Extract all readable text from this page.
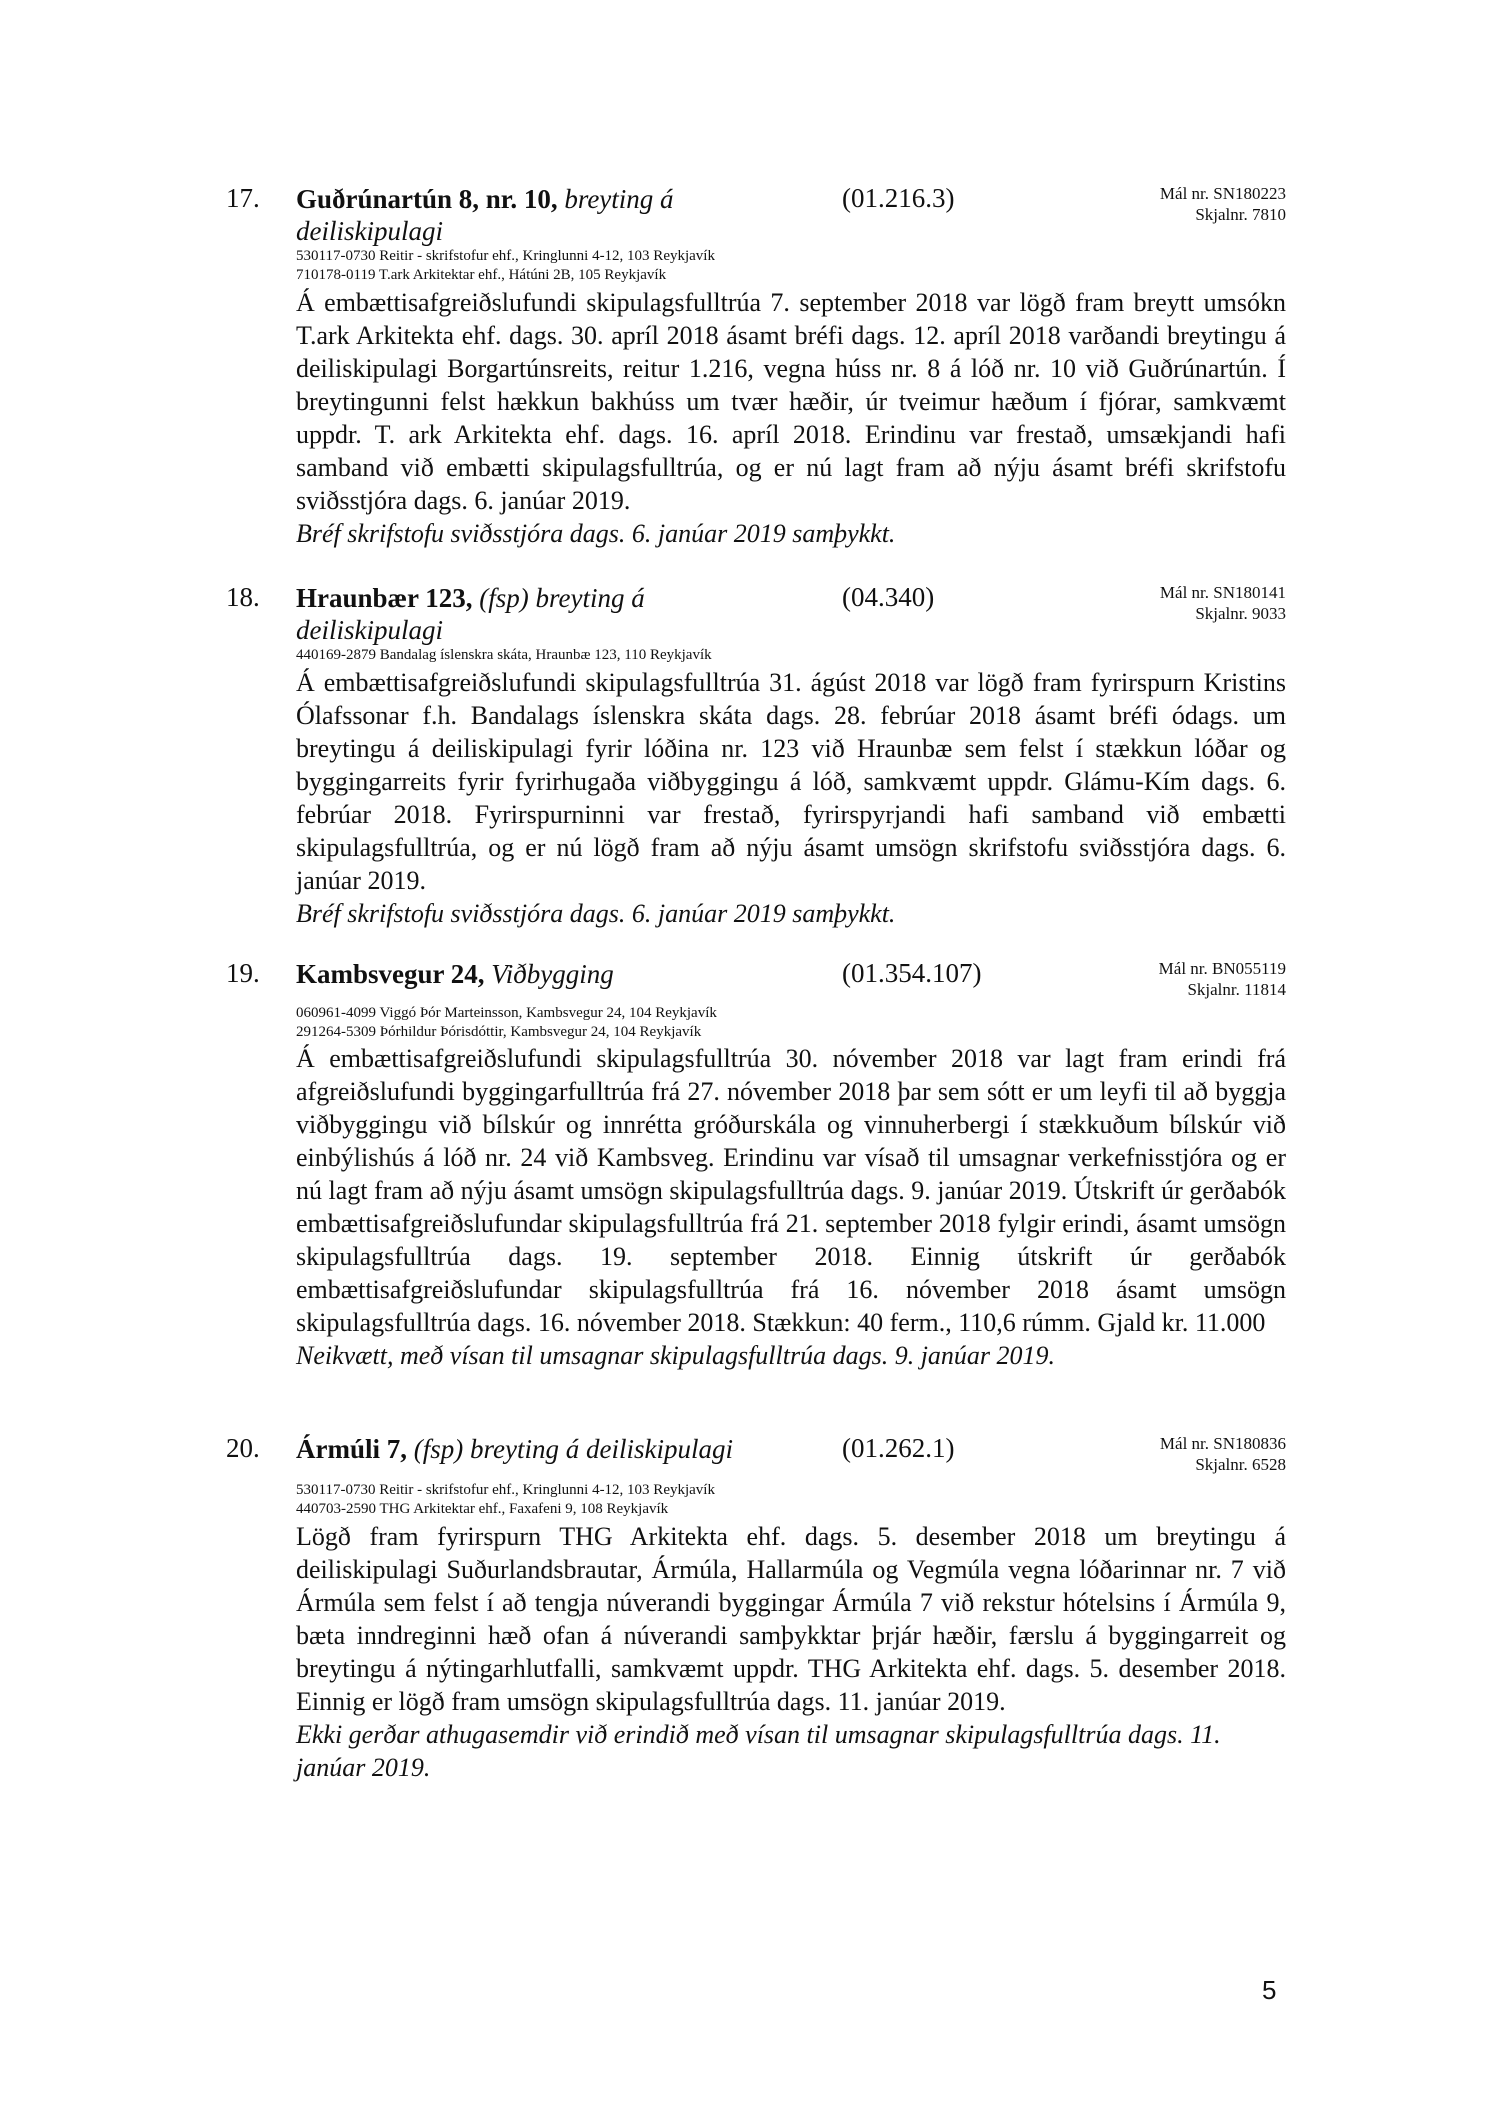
17. Guðrúnartún 8, nr. 10, breyting á deiliskipulagi
(01.216.3)	Mál nr. SN180223
Skjalnr. 7810
530117-0730 Reitir - skrifstofur ehf., Kringlunni 4-12, 103 Reykjavík
710178-0119 T.ark Arkitektar ehf., Hátúni 2B, 105 Reykjavík

Á embættisafgreiðslufundi skipulagsfulltrúa 7. september 2018 var lögð fram breytt umsókn T.ark Arkitekta ehf. dags. 30. apríl 2018 ásamt bréfi dags. 12. apríl 2018 varðandi breytingu á deiliskipulagi Borgartúnsreits, reitur 1.216, vegna húss nr. 8 á lóð nr. 10 við Guðrúnartún. Í breytingunni felst hækkun bakhúss um tvær hæðir, úr tveimur hæðum í fjórar, samkvæmt uppdr. T. ark Arkitekta ehf. dags. 16. apríl 2018. Erindinu var frestað, umsækjandi hafi samband við embætti skipulagsfulltrúa, og er nú lagt fram að nýju ásamt bréfi skrifstofu sviðsstjóra dags. 6. janúar 2019.

Bréf skrifstofu sviðsstjóra dags. 6. janúar 2019 samþykkt.

18. Hraunbær 123, (fsp) breyting á deiliskipulagi
(04.340)	Mál nr. SN180141
Skjalnr. 9033
440169-2879 Bandalag íslenskra skáta, Hraunbæ 123, 110 Reykjavík

Á embættisafgreiðslufundi skipulagsfulltrúa 31. ágúst 2018 var lögð fram fyrirspurn Kristins Ólafssonar f.h. Bandalags íslenskra skáta dags. 28. febrúar 2018 ásamt bréfi ódags. um breytingu á deiliskipulagi fyrir lóðina nr. 123 við Hraunbæ sem felst í stækkun lóðar og byggingarreits fyrir fyrirhugaða viðbyggingu á lóð, samkvæmt uppdr. Glámu-Kím dags. 6. febrúar 2018. Fyrirspurninni var frestað, fyrirspyrjandi hafi samband við embætti skipulagsfulltrúa, og er nú lögð fram að nýju ásamt umsögn skrifstofu sviðsstjóra dags. 6. janúar 2019.

Bréf skrifstofu sviðsstjóra dags. 6. janúar 2019 samþykkt.

19. Kambsvegur 24, Viðbygging	(01.354.107)	Mál nr. BN055119
Skjalnr. 11814
060961-4099 Viggó Þór Marteinsson, Kambsvegur 24, 104 Reykjavík
291264-5309 Þórhildur Þórisdóttir, Kambsvegur 24, 104 Reykjavík

Á embættisafgreiðslufundi skipulagsfulltrúa 30. nóvember 2018 var lagt fram erindi frá afgreiðslufundi byggingarfulltrúa frá 27. nóvember 2018 þar sem sótt er um leyfi til að byggja viðbyggingu við bílskúr og innrétta gróðurskála og vinnuherbergi í stækkuðum bílskúr við einbýlishús á lóð nr. 24 við Kambsveg. Erindinu var vísað til umsagnar verkefnisstjóra og er nú lagt fram að nýju ásamt umsögn skipulagsfulltrúa dags. 9. janúar 2019. Útskrift úr gerðabók embættisafgreiðslufundar skipulagsfulltrúa frá 21. september 2018 fylgir erindi, ásamt umsögn skipulagsfulltrúa dags. 19. september 2018. Einnig útskrift úr gerðabók embættisafgreiðslufundar skipulagsfulltrúa frá 16. nóvember 2018 ásamt umsögn skipulagsfulltrúa dags. 16. nóvember 2018. Stækkun: 40 ferm., 110,6 rúmm. Gjald kr. 11.000

Neikvætt, með vísan til umsagnar skipulagsfulltrúa dags. 9. janúar 2019.

20. Ármúli 7, (fsp) breyting á deiliskipulagi	(01.262.1)	Mál nr. SN180836
Skjalnr. 6528
530117-0730 Reitir - skrifstofur ehf., Kringlunni 4-12, 103 Reykjavík
440703-2590 THG Arkitektar ehf., Faxafeni 9, 108 Reykjavík

Lögð fram fyrirspurn THG Arkitekta ehf. dags. 5. desember 2018 um breytingu á deiliskipulagi Suðurlandsbrautar, Ármúla, Hallarmúla og Vegmúla vegna lóðarinnar nr. 7 við Ármúla sem felst í að tengja núverandi byggingar Ármúla 7 við rekstur hótelsins í Ármúla 9, bæta inndreginni hæð ofan á núverandi samþykktar þrjár hæðir, færslu á byggingarreit og breytingu á nýtingarhlutfalli, samkvæmt uppdr. THG Arkitekta ehf. dags. 5. desember 2018. Einnig er lögð fram umsögn skipulagsfulltrúa dags. 11. janúar 2019.

Ekki gerðar athugasemdir við erindið með vísan til umsagnar skipulagsfulltrúa dags. 11. janúar 2019.

5
